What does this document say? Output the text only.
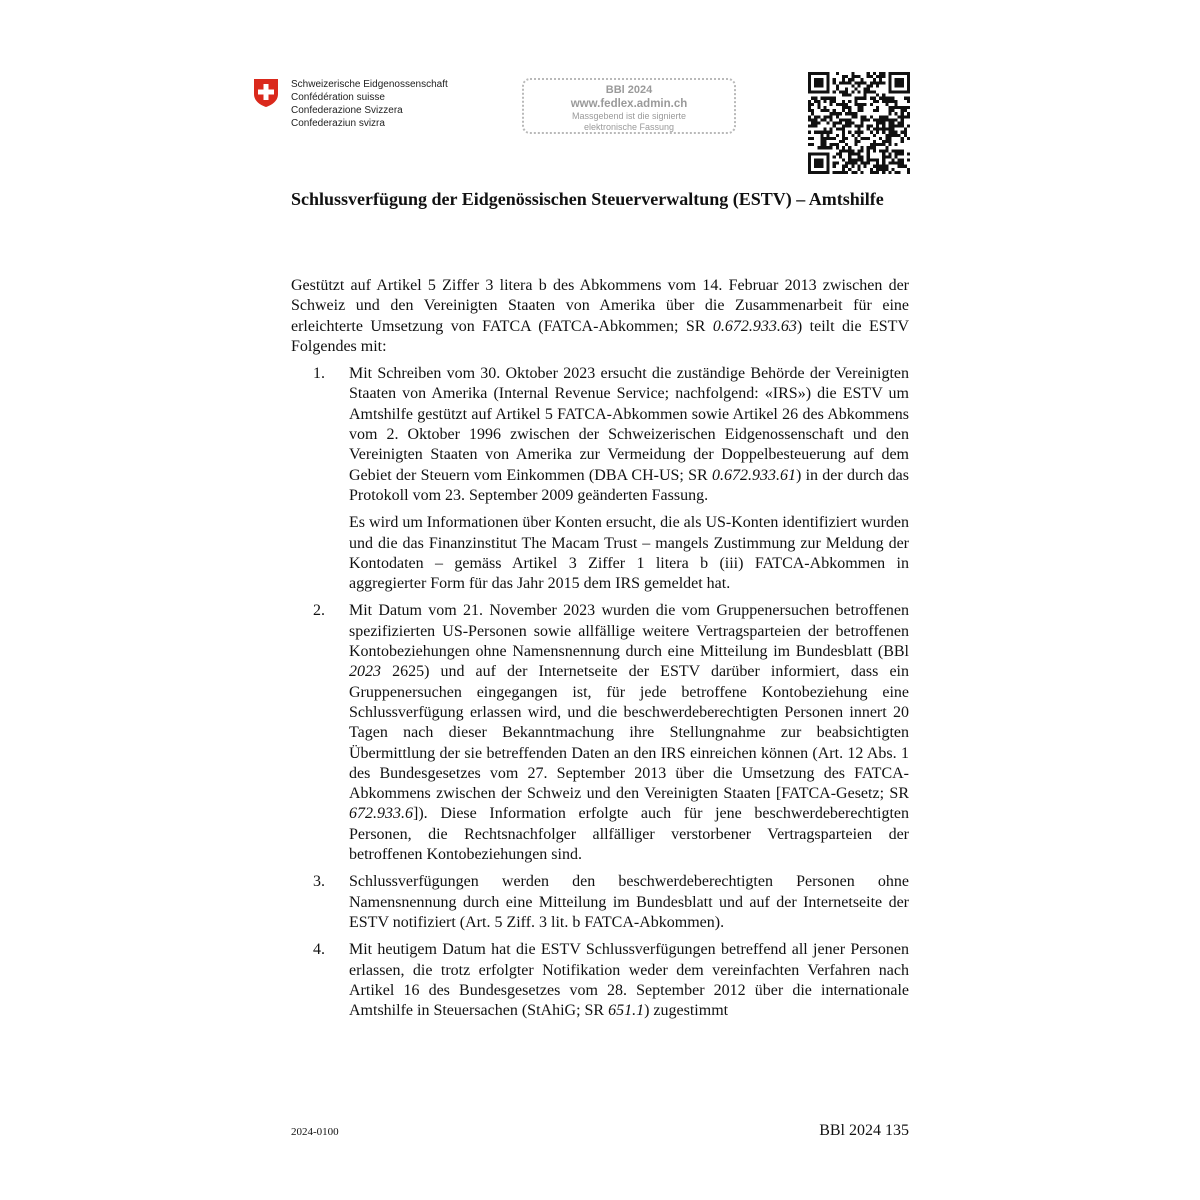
Schweizerische Eidgenossenschaft
Confédération suisse
Confederazione Svizzera
Confederaziun svizra
BBl 2024
www.fedlex.admin.ch
Massgebend ist die signierte
elektronische Fassung
Schlussverfügung der Eidgenössischen Steuerverwaltung (ESTV) – Amtshilfe

Gestützt auf Artikel 5 Ziffer 3 litera b des Abkommens vom 14. Februar 2013 zwischen der Schweiz und den Vereinigten Staaten von Amerika über die Zusammenarbeit für eine erleichterte Umsetzung von FATCA (FATCA-Abkommen; SR 0.672.933.63) teilt die ESTV Folgendes mit:

1. Mit Schreiben vom 30. Oktober 2023 ersucht die zuständige Behörde der Vereinigten Staaten von Amerika (Internal Revenue Service; nachfolgend: «IRS») die ESTV um Amtshilfe gestützt auf Artikel 5 FATCA-Abkommen sowie Artikel 26 des Abkommens vom 2. Oktober 1996 zwischen der Schweizerischen Eidgenossenschaft und den Vereinigten Staaten von Amerika zur Vermeidung der Doppelbesteuerung auf dem Gebiet der Steuern vom Einkommen (DBA CH-US; SR 0.672.933.61) in der durch das Protokoll vom 23. September 2009 geänderten Fassung.

Es wird um Informationen über Konten ersucht, die als US-Konten identifiziert wurden und die das Finanzinstitut The Macam Trust – mangels Zustimmung zur Meldung der Kontodaten – gemäss Artikel 3 Ziffer 1 litera b (iii) FATCA-Abkommen in aggregierter Form für das Jahr 2015 dem IRS gemeldet hat.

2. Mit Datum vom 21. November 2023 wurden die vom Gruppenersuchen betroffenen spezifizierten US-Personen sowie allfällige weitere Vertragsparteien der betroffenen Kontobeziehungen ohne Namensnennung durch eine Mitteilung im Bundesblatt (BBl 2023 2625) und auf der Internetseite der ESTV darüber informiert, dass ein Gruppenersuchen eingegangen ist, für jede betroffene Kontobeziehung eine Schlussverfügung erlassen wird, und die beschwerdeberechtigten Personen innert 20 Tagen nach dieser Bekanntmachung ihre Stellungnahme zur beabsichtigten Übermittlung der sie betreffenden Daten an den IRS einreichen können (Art. 12 Abs. 1 des Bundesgesetzes vom 27. September 2013 über die Umsetzung des FATCA-Abkommens zwischen der Schweiz und den Vereinigten Staaten [FATCA-Gesetz; SR 672.933.6]). Diese Information erfolgte auch für jene beschwerdeberechtigten Personen, die Rechtsnachfolger allfälliger verstorbener Vertragsparteien der betroffenen Kontobeziehungen sind.

3. Schlussverfügungen werden den beschwerdeberechtigten Personen ohne Namensnennung durch eine Mitteilung im Bundesblatt und auf der Internetseite der ESTV notifiziert (Art. 5 Ziff. 3 lit. b FATCA-Abkommen).

4. Mit heutigem Datum hat die ESTV Schlussverfügungen betreffend all jener Personen erlassen, die trotz erfolgter Notifikation weder dem vereinfachten Verfahren nach Artikel 16 des Bundesgesetzes vom 28. September 2012 über die internationale Amtshilfe in Steuersachen (StAhiG; SR 651.1) zugestimmt

2024-0100	BBl 2024 135
